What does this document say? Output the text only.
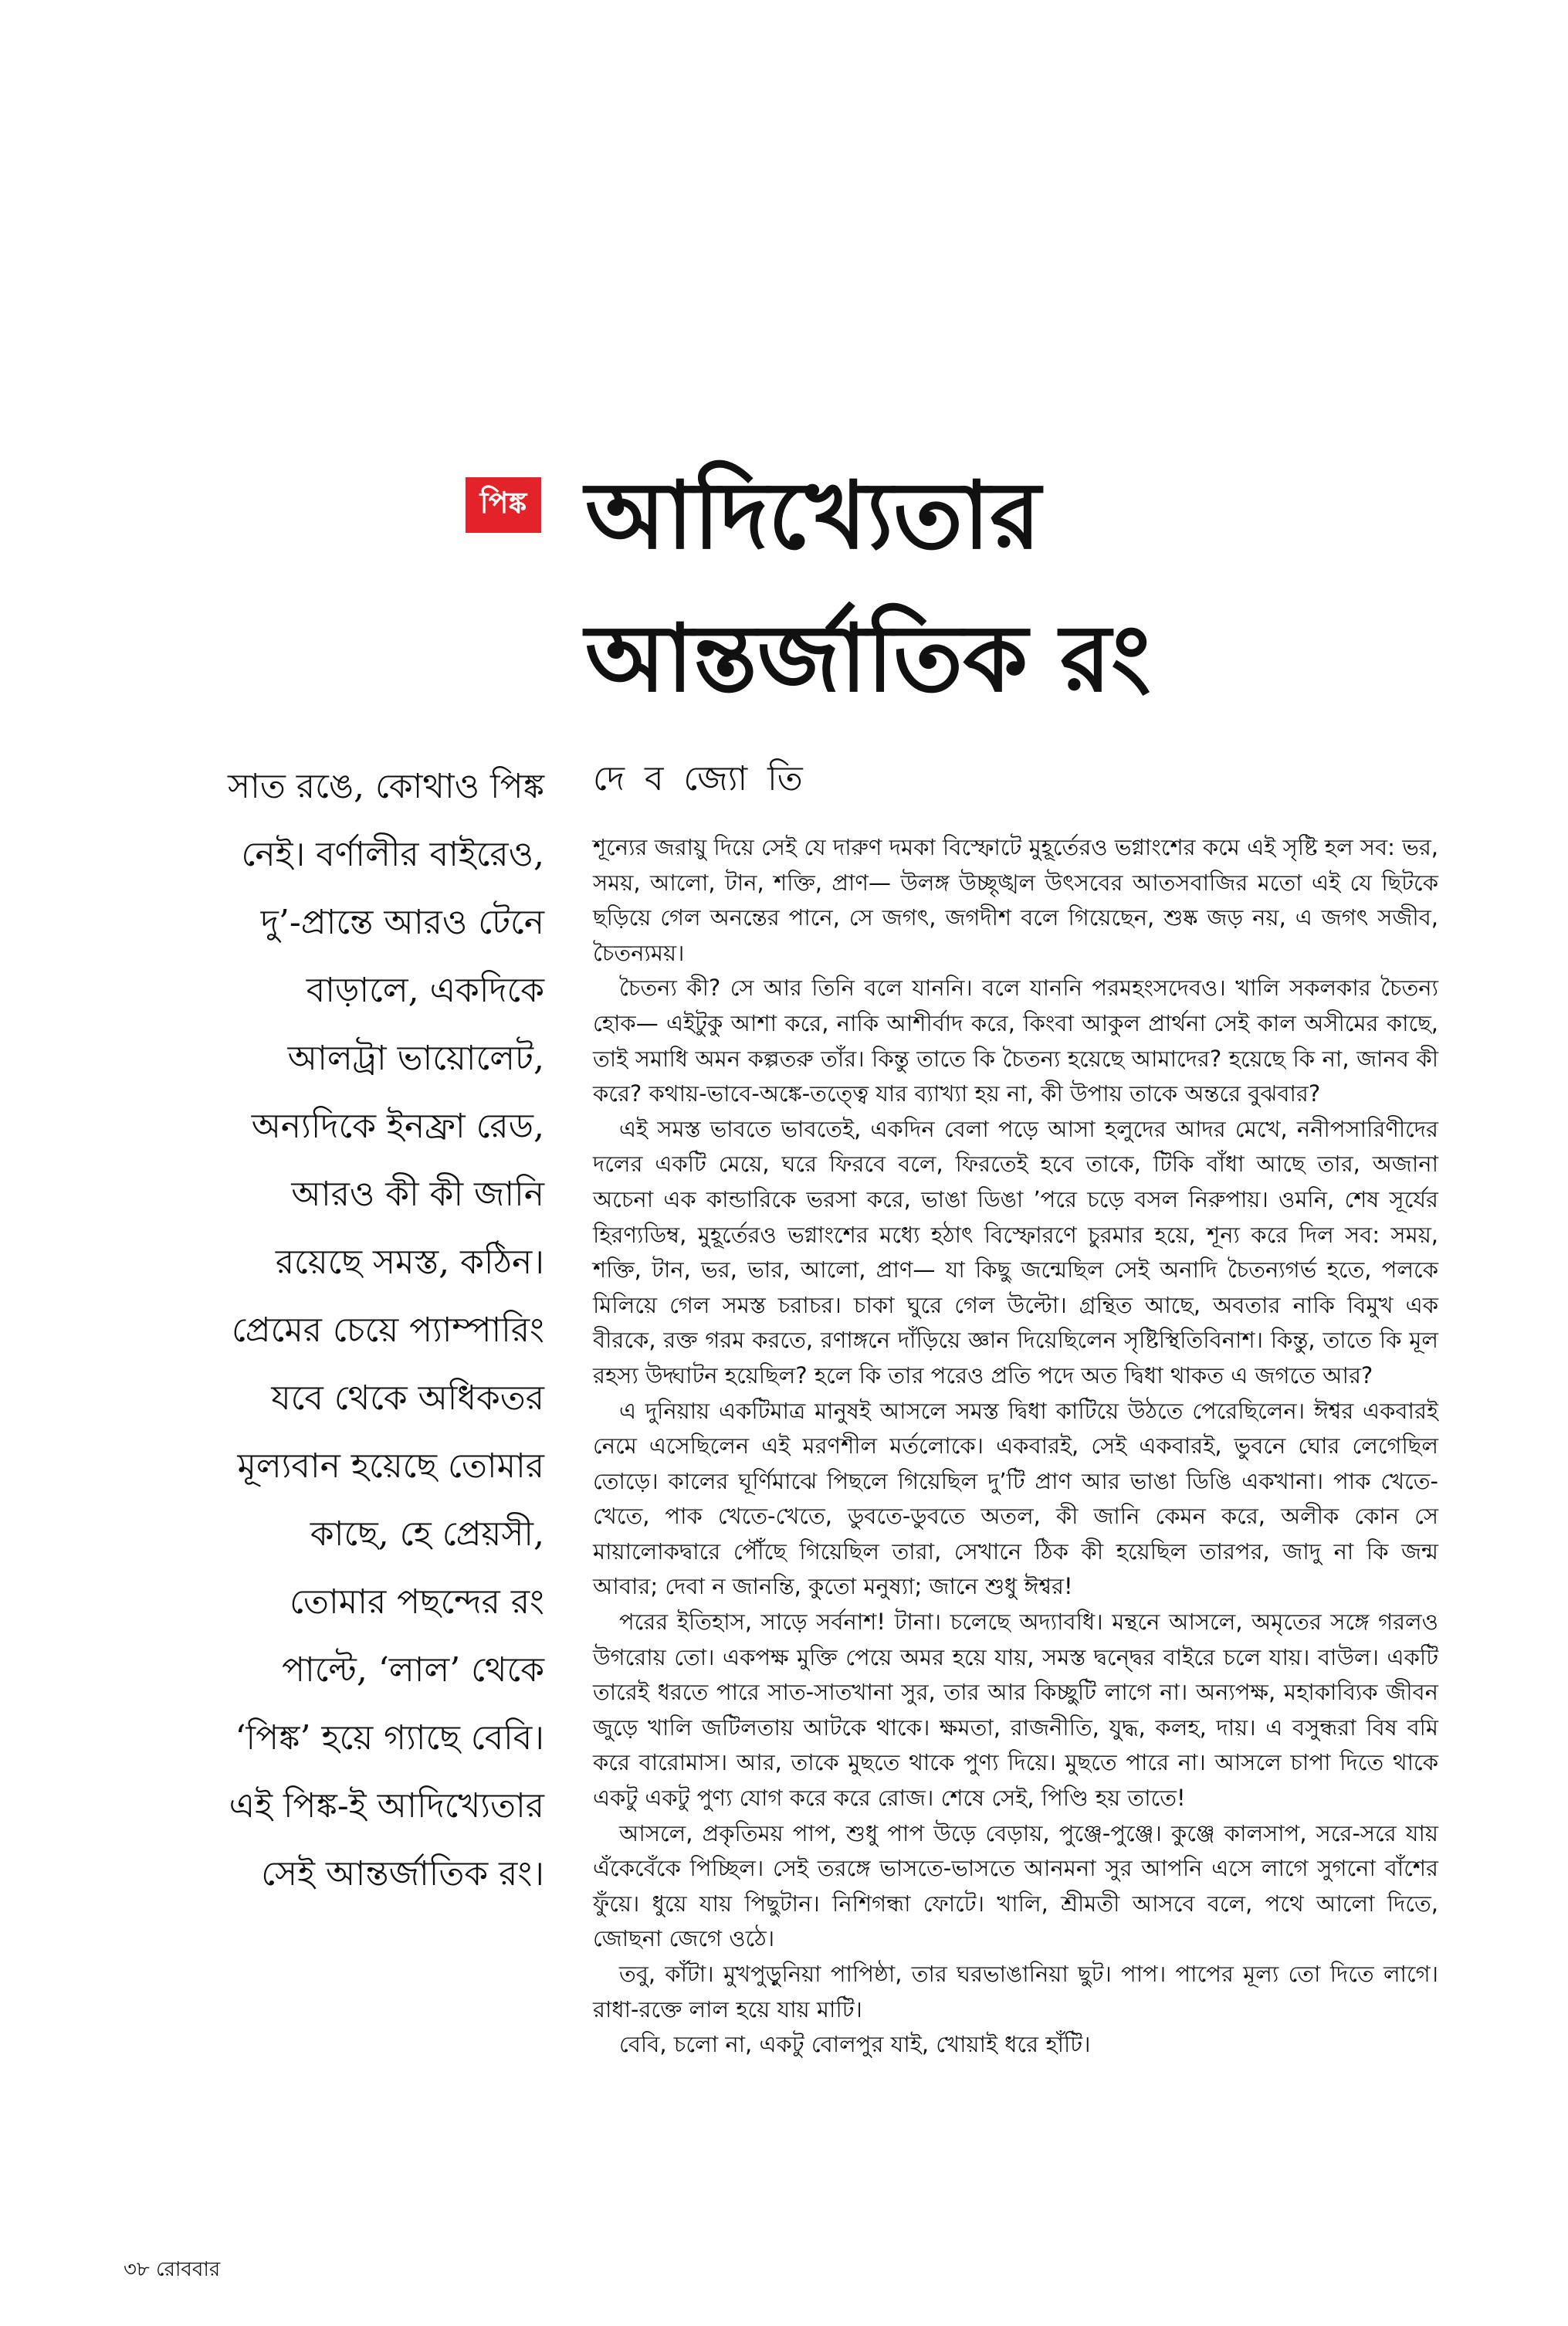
পিঙ্ক আদিখ্যেতার
আন্তর্জাতিক রং
সাত রঙে, কোথাও পিঙ্ক
নেই। বর্ণালীর বাইরেও,
দু’-প্রান্তে আরও টেনে
বাড়ালে, একদিকে
আলট্রা ভায়োলেট,
অন্যদিকে ইনফ্রা রেড,
আরও কী কী জানি
রয়েছে সমস্ত, কঠিন।
প্রেমের চেয়ে প্যাম্পারিং
যবে থেকে অধিকতর
মূল্যবান হয়েছে তোমার
কাছে, হে প্রেয়সী,
তোমার পছন্দের রং
পাল্টে, ‘লাল’ থেকে
‘পিঙ্ক’ হয়ে গ্যাছে বেবি।
এই পিঙ্ক-ই আদিখ্যেতার
সেই আন্তর্জাতিক রং।
দে ব জ্যো তি

শূন্যের জরায়ু দিয়ে সেই যে দারুণ দমকা বিস্ফোটে মুহূর্তেরও ভগ্নাংশের কমে এই সৃষ্টি হল সব: ভর, সময়, আলো, টান, শক্তি, প্রাণ— উলঙ্গ উচ্ছৃঙ্খল উৎসবের আতসবাজির মতো এই যে ছিটকে ছড়িয়ে গেল অনন্তের পানে, সে জগৎ, জগদীশ বলে গিয়েছেন, শুষ্ক জড় নয়, এ জগৎ সজীব, চৈতন্যময়।

চৈতন্য কী? সে আর তিনি বলে যাননি। বলে যাননি পরমহংসদেবও। খালি সকলকার চৈতন্য হোক— এইটুকু আশা করে, নাকি আশীর্বাদ করে, কিংবা আকুল প্রার্থনা সেই কাল অসীমের কাছে, তাই সমাধি অমন কল্পতরু তাঁর। কিন্তু তাতে কি চৈতন্য হয়েছে আমাদের? হয়েছে কি না, জানব কী করে? কথায়-ভাবে-অঙ্কে-তত্ত্বে যার ব্যাখ্যা হয় না, কী উপায় তাকে অন্তরে বুঝবার?

এই সমস্ত ভাবতে ভাবতেই, একদিন বেলা পড়ে আসা হলুদের আদর মেখে, ননীপসারিণীদের দলের একটি মেয়ে, ঘরে ফিরবে বলে, ফিরতেই হবে তাকে, টিকি বাঁধা আছে তার, অজানা অচেনা এক কান্ডারিকে ভরসা করে, ভাঙা ডিঙা ’পরে চড়ে বসল নিরুপায়। ওমনি, শেষ সূর্যের হিরণ্যডিম্ব, মুহূর্তেরও ভগ্নাংশের মধ্যে হঠাৎ বিস্ফোরণে চুরমার হয়ে, শূন্য করে দিল সব: সময়, শক্তি, টান, ভর, ভার, আলো, প্রাণ— যা কিছু জন্মেছিল সেই অনাদি চৈতন্যগর্ভ হতে, পলকে মিলিয়ে গেল সমস্ত চরাচর। চাকা ঘুরে গেল উল্টো। গ্রন্থিত আছে, অবতার নাকি বিমুখ এক বীরকে, রক্ত গরম করতে, রণাঙ্গনে দাঁড়িয়ে জ্ঞান দিয়েছিলেন সৃষ্টিস্থিতিবিনাশ। কিন্তু, তাতে কি মূল রহস্য উদ্ঘাটন হয়েছিল? হলে কি তার পরেও প্রতি পদে অত দ্বিধা থাকত এ জগতে আর?

এ দুনিয়ায় একটিমাত্র মানুষই আসলে সমস্ত দ্বিধা কাটিয়ে উঠতে পেরেছিলেন। ঈশ্বর একবারই নেমে এসেছিলেন এই মরণশীল মর্তলোকে। একবারই, সেই একবারই, ভুবনে ঘোর লেগেছিল তোড়ে। কালের ঘূর্ণিমাঝে পিছলে গিয়েছিল দু’টি প্রাণ আর ভাঙা ডিঙি একখানা। পাক খেতে-খেতে, পাক খেতে-খেতে, ডুবতে-ডুবতে অতল, কী জানি কেমন করে, অলীক কোন সে মায়ালোকদ্বারে পৌঁছে গিয়েছিল তারা, সেখানে ঠিক কী হয়েছিল তারপর, জাদু না কি জন্ম আবার; দেবা ন জানন্তি, কুতো মনুষ্যা; জানে শুধু ঈশ্বর!

পরের ইতিহাস, সাড়ে সর্বনাশ! টানা। চলেছে অদ্যাবধি। মন্থনে আসলে, অমৃতের সঙ্গে গরলও উগরোয় তো। একপক্ষ মুক্তি পেয়ে অমর হয়ে যায়, সমস্ত দ্বন্দ্বের বাইরে চলে যায়। বাউল। একটি তারেই ধরতে পারে সাত-সাতখানা সুর, তার আর কিচ্ছুটি লাগে না। অন্যপক্ষ, মহাকাব্যিক জীবন জুড়ে খালি জটিলতায় আটকে থাকে। ক্ষমতা, রাজনীতি, যুদ্ধ, কলহ, দায়। এ বসুন্ধরা বিষ বমি করে বারোমাস। আর, তাকে মুছতে থাকে পুণ্য দিয়ে। মুছতে পারে না। আসলে চাপা দিতে থাকে একটু একটু পুণ্য যোগ করে করে রোজ। শেষে সেই, পিণ্ডি হয় তাতে!

আসলে, প্রকৃতিময় পাপ, শুধু পাপ উড়ে বেড়ায়, পুঞ্জে-পুঞ্জে। কুঞ্জে কালসাপ, সরে-সরে যায় এঁকেবেঁকে পিচ্ছিল। সেই তরঙ্গে ভাসতে-ভাসতে আনমনা সুর আপনি এসে লাগে সুগনো বাঁশের ফুঁয়ে। ধুয়ে যায় পিছুটান। নিশিগন্ধা ফোটে। খালি, শ্রীমতী আসবে বলে, পথে আলো দিতে, জোছনা জেগে ওঠে।

তবু, কাঁটা। মুখপুড়ুনিয়া পাপিষ্ঠা, তার ঘরভাঙানিয়া ছুট। পাপ। পাপের মূল্য তো দিতে লাগে। রাধা-রক্তে লাল হয়ে যায় মাটি।

বেবি, চলো না, একটু বোলপুর যাই, খোয়াই ধরে হাঁটি।

৩৮ রোববার
